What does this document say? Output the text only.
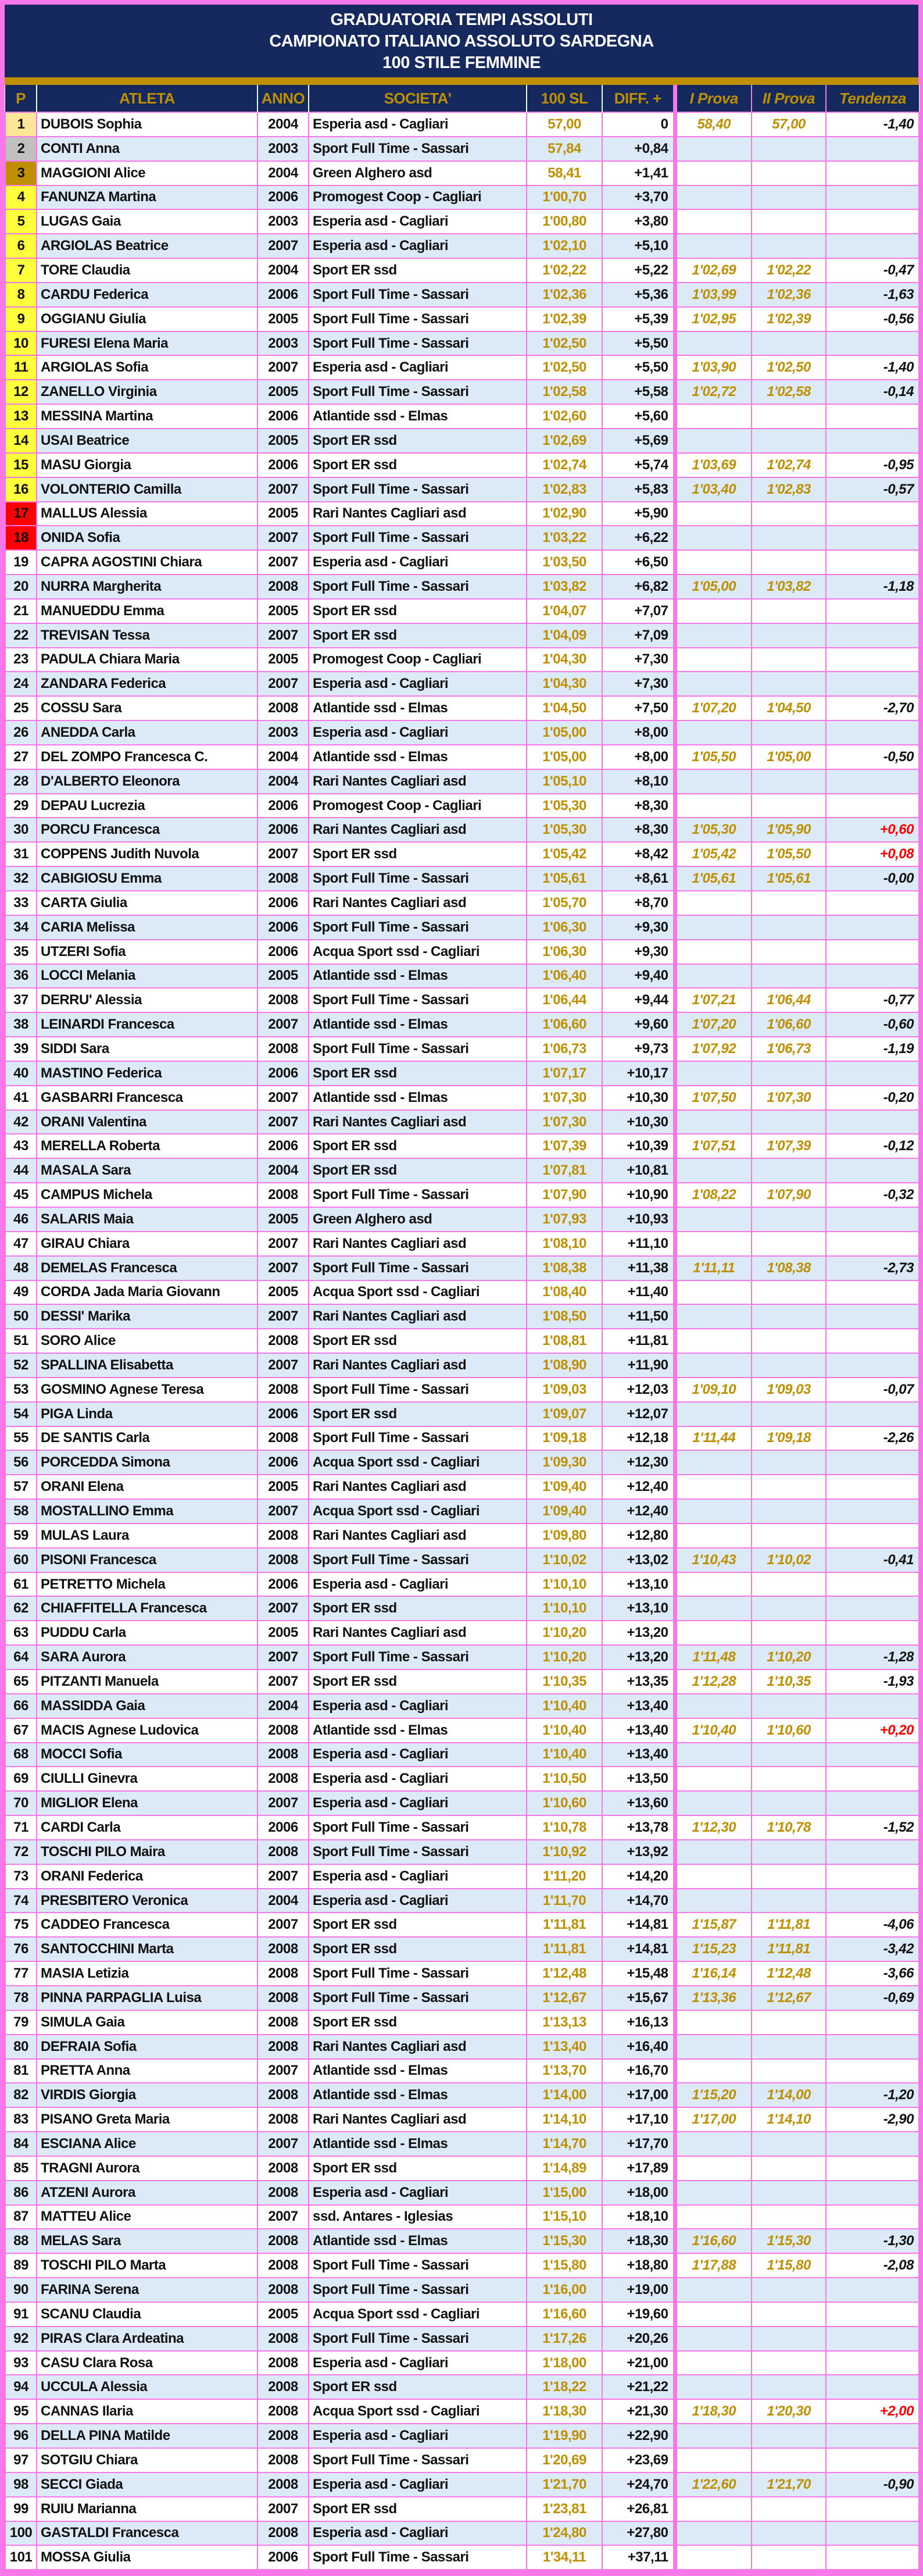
GRADUATORIA TEMPI ASSOLUTI
CAMPIONATO ITALIANO ASSOLUTO SARDEGNA
100 STILE FEMMINE
P	ATLETA	ANNO	SOCIETA'	100 SL	DIFF. +	I Prova	II Prova	Tendenza
1	DUBOIS Sophia	2004	Esperia asd - Cagliari	57,00	0	58,40	57,00	-1,40
2	CONTI Anna	2003	Sport Full Time - Sassari	57,84	+0,84			
3	MAGGIONI Alice	2004	Green Alghero asd	58,41	+1,41			
4	FANUNZA Martina	2006	Promogest Coop - Cagliari	1'00,70	+3,70			
5	LUGAS Gaia	2003	Esperia asd - Cagliari	1'00,80	+3,80			
6	ARGIOLAS Beatrice	2007	Esperia asd - Cagliari	1'02,10	+5,10			
7	TORE Claudia	2004	Sport ER ssd	1'02,22	+5,22	1'02,69	1'02,22	-0,47
8	CARDU Federica	2006	Sport Full Time - Sassari	1'02,36	+5,36	1'03,99	1'02,36	-1,63
9	OGGIANU Giulia	2005	Sport Full Time - Sassari	1'02,39	+5,39	1'02,95	1'02,39	-0,56
10	FURESI Elena Maria	2003	Sport Full Time - Sassari	1'02,50	+5,50			
11	ARGIOLAS Sofia	2007	Esperia asd - Cagliari	1'02,50	+5,50	1'03,90	1'02,50	-1,40
12	ZANELLO Virginia	2005	Sport Full Time - Sassari	1'02,58	+5,58	1'02,72	1'02,58	-0,14
13	MESSINA Martina	2006	Atlantide ssd - Elmas	1'02,60	+5,60			
14	USAI Beatrice	2005	Sport ER ssd	1'02,69	+5,69			
15	MASU Giorgia	2006	Sport ER ssd	1'02,74	+5,74	1'03,69	1'02,74	-0,95
16	VOLONTERIO Camilla	2007	Sport Full Time - Sassari	1'02,83	+5,83	1'03,40	1'02,83	-0,57
17	MALLUS Alessia	2005	Rari Nantes Cagliari asd	1'02,90	+5,90			
18	ONIDA Sofia	2007	Sport Full Time - Sassari	1'03,22	+6,22			
19	CAPRA AGOSTINI Chiara	2007	Esperia asd - Cagliari	1'03,50	+6,50			
20	NURRA Margherita	2008	Sport Full Time - Sassari	1'03,82	+6,82	1'05,00	1'03,82	-1,18
21	MANUEDDU Emma	2005	Sport ER ssd	1'04,07	+7,07			
22	TREVISAN Tessa	2007	Sport ER ssd	1'04,09	+7,09			
23	PADULA Chiara Maria	2005	Promogest Coop - Cagliari	1'04,30	+7,30			
24	ZANDARA Federica	2007	Esperia asd - Cagliari	1'04,30	+7,30			
25	COSSU Sara	2008	Atlantide ssd - Elmas	1'04,50	+7,50	1'07,20	1'04,50	-2,70
26	ANEDDA Carla	2003	Esperia asd - Cagliari	1'05,00	+8,00			
27	DEL ZOMPO Francesca C.	2004	Atlantide ssd - Elmas	1'05,00	+8,00	1'05,50	1'05,00	-0,50
28	D'ALBERTO Eleonora	2004	Rari Nantes Cagliari asd	1'05,10	+8,10			
29	DEPAU Lucrezia	2006	Promogest Coop - Cagliari	1'05,30	+8,30			
30	PORCU Francesca	2006	Rari Nantes Cagliari asd	1'05,30	+8,30	1'05,30	1'05,90	+0,60
31	COPPENS Judith Nuvola	2007	Sport ER ssd	1'05,42	+8,42	1'05,42	1'05,50	+0,08
32	CABIGIOSU Emma	2008	Sport Full Time - Sassari	1'05,61	+8,61	1'05,61	1'05,61	-0,00
33	CARTA Giulia	2006	Rari Nantes Cagliari asd	1'05,70	+8,70			
34	CARIA Melissa	2006	Sport Full Time - Sassari	1'06,30	+9,30			
35	UTZERI Sofia	2006	Acqua Sport ssd - Cagliari	1'06,30	+9,30			
36	LOCCI Melania	2005	Atlantide ssd - Elmas	1'06,40	+9,40			
37	DERRU' Alessia	2008	Sport Full Time - Sassari	1'06,44	+9,44	1'07,21	1'06,44	-0,77
38	LEINARDI Francesca	2007	Atlantide ssd - Elmas	1'06,60	+9,60	1'07,20	1'06,60	-0,60
39	SIDDI Sara	2008	Sport Full Time - Sassari	1'06,73	+9,73	1'07,92	1'06,73	-1,19
40	MASTINO Federica	2006	Sport ER ssd	1'07,17	+10,17			
41	GASBARRI Francesca	2007	Atlantide ssd - Elmas	1'07,30	+10,30	1'07,50	1'07,30	-0,20
42	ORANI Valentina	2007	Rari Nantes Cagliari asd	1'07,30	+10,30			
43	MERELLA Roberta	2006	Sport ER ssd	1'07,39	+10,39	1'07,51	1'07,39	-0,12
44	MASALA Sara	2004	Sport ER ssd	1'07,81	+10,81			
45	CAMPUS Michela	2008	Sport Full Time - Sassari	1'07,90	+10,90	1'08,22	1'07,90	-0,32
46	SALARIS Maia	2005	Green Alghero asd	1'07,93	+10,93			
47	GIRAU Chiara	2007	Rari Nantes Cagliari asd	1'08,10	+11,10			
48	DEMELAS Francesca	2007	Sport Full Time - Sassari	1'08,38	+11,38	1'11,11	1'08,38	-2,73
49	CORDA Jada Maria Giovann	2005	Acqua Sport ssd - Cagliari	1'08,40	+11,40			
50	DESSI' Marika	2007	Rari Nantes Cagliari asd	1'08,50	+11,50			
51	SORO Alice	2008	Sport ER ssd	1'08,81	+11,81			
52	SPALLINA Elisabetta	2007	Rari Nantes Cagliari asd	1'08,90	+11,90			
53	GOSMINO Agnese Teresa	2008	Sport Full Time - Sassari	1'09,03	+12,03	1'09,10	1'09,03	-0,07
54	PIGA Linda	2006	Sport ER ssd	1'09,07	+12,07			
55	DE SANTIS Carla	2008	Sport Full Time - Sassari	1'09,18	+12,18	1'11,44	1'09,18	-2,26
56	PORCEDDA Simona	2006	Acqua Sport ssd - Cagliari	1'09,30	+12,30			
57	ORANI Elena	2005	Rari Nantes Cagliari asd	1'09,40	+12,40			
58	MOSTALLINO Emma	2007	Acqua Sport ssd - Cagliari	1'09,40	+12,40			
59	MULAS Laura	2008	Rari Nantes Cagliari asd	1'09,80	+12,80			
60	PISONI Francesca	2008	Sport Full Time - Sassari	1'10,02	+13,02	1'10,43	1'10,02	-0,41
61	PETRETTO Michela	2006	Esperia asd - Cagliari	1'10,10	+13,10			
62	CHIAFFITELLA Francesca	2007	Sport ER ssd	1'10,10	+13,10			
63	PUDDU Carla	2005	Rari Nantes Cagliari asd	1'10,20	+13,20			
64	SARA Aurora	2007	Sport Full Time - Sassari	1'10,20	+13,20	1'11,48	1'10,20	-1,28
65	PITZANTI Manuela	2007	Sport ER ssd	1'10,35	+13,35	1'12,28	1'10,35	-1,93
66	MASSIDDA Gaia	2004	Esperia asd - Cagliari	1'10,40	+13,40			
67	MACIS Agnese Ludovica	2008	Atlantide ssd - Elmas	1'10,40	+13,40	1'10,40	1'10,60	+0,20
68	MOCCI Sofia	2008	Esperia asd - Cagliari	1'10,40	+13,40			
69	CIULLI Ginevra	2008	Esperia asd - Cagliari	1'10,50	+13,50			
70	MIGLIOR Elena	2007	Esperia asd - Cagliari	1'10,60	+13,60			
71	CARDI Carla	2006	Sport Full Time - Sassari	1'10,78	+13,78	1'12,30	1'10,78	-1,52
72	TOSCHI PILO Maira	2008	Sport Full Time - Sassari	1'10,92	+13,92			
73	ORANI Federica	2007	Esperia asd - Cagliari	1'11,20	+14,20			
74	PRESBITERO Veronica	2004	Esperia asd - Cagliari	1'11,70	+14,70			
75	CADDEO Francesca	2007	Sport ER ssd	1'11,81	+14,81	1'15,87	1'11,81	-4,06
76	SANTOCCHINI Marta	2008	Sport ER ssd	1'11,81	+14,81	1'15,23	1'11,81	-3,42
77	MASIA Letizia	2008	Sport Full Time - Sassari	1'12,48	+15,48	1'16,14	1'12,48	-3,66
78	PINNA PARPAGLIA Luisa	2008	Sport Full Time - Sassari	1'12,67	+15,67	1'13,36	1'12,67	-0,69
79	SIMULA Gaia	2008	Sport ER ssd	1'13,13	+16,13			
80	DEFRAIA Sofia	2008	Rari Nantes Cagliari asd	1'13,40	+16,40			
81	PRETTA Anna	2007	Atlantide ssd - Elmas	1'13,70	+16,70			
82	VIRDIS Giorgia	2008	Atlantide ssd - Elmas	1'14,00	+17,00	1'15,20	1'14,00	-1,20
83	PISANO Greta Maria	2008	Rari Nantes Cagliari asd	1'14,10	+17,10	1'17,00	1'14,10	-2,90
84	ESCIANA Alice	2007	Atlantide ssd - Elmas	1'14,70	+17,70			
85	TRAGNI Aurora	2008	Sport ER ssd	1'14,89	+17,89			
86	ATZENI Aurora	2008	Esperia asd - Cagliari	1'15,00	+18,00			
87	MATTEU Alice	2007	ssd. Antares - Iglesias	1'15,10	+18,10			
88	MELAS Sara	2008	Atlantide ssd - Elmas	1'15,30	+18,30	1'16,60	1'15,30	-1,30
89	TOSCHI PILO Marta	2008	Sport Full Time - Sassari	1'15,80	+18,80	1'17,88	1'15,80	-2,08
90	FARINA Serena	2008	Sport Full Time - Sassari	1'16,00	+19,00			
91	SCANU Claudia	2005	Acqua Sport ssd - Cagliari	1'16,60	+19,60			
92	PIRAS Clara Ardeatina	2008	Sport Full Time - Sassari	1'17,26	+20,26			
93	CASU Clara Rosa	2008	Esperia asd - Cagliari	1'18,00	+21,00			
94	UCCULA Alessia	2008	Sport ER ssd	1'18,22	+21,22			
95	CANNAS Ilaria	2008	Acqua Sport ssd - Cagliari	1'18,30	+21,30	1'18,30	1'20,30	+2,00
96	DELLA PINA Matilde	2008	Esperia asd - Cagliari	1'19,90	+22,90			
97	SOTGIU Chiara	2008	Sport Full Time - Sassari	1'20,69	+23,69			
98	SECCI Giada	2008	Esperia asd - Cagliari	1'21,70	+24,70	1'22,60	1'21,70	-0,90
99	RUIU Marianna	2007	Sport ER ssd	1'23,81	+26,81			
100	GASTALDI Francesca	2008	Esperia asd - Cagliari	1'24,80	+27,80			
101	MOSSA Giulia	2006	Sport Full Time - Sassari	1'34,11	+37,11			
